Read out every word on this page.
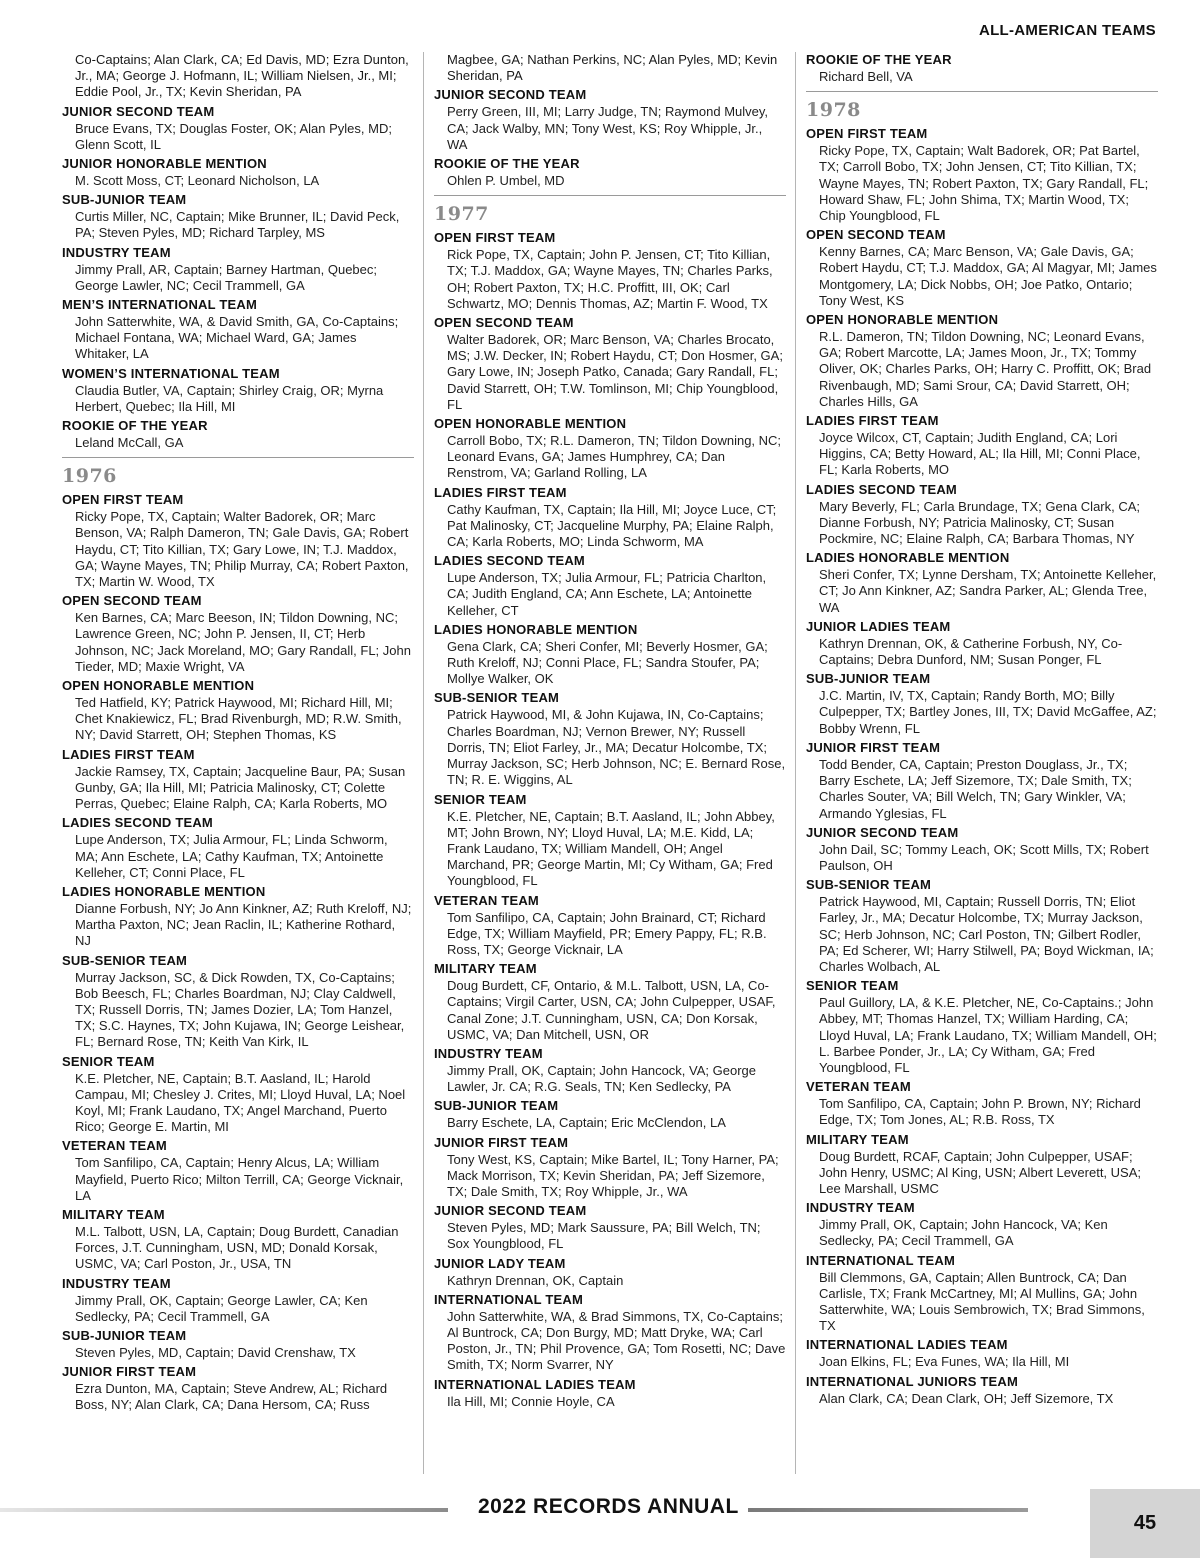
ALL-AMERICAN TEAMS
Co-Captains; Alan Clark, CA; Ed Davis, MD; Ezra Dunton, Jr., MA; George J. Hofmann, IL; William Nielsen, Jr., MI; Eddie Pool, Jr., TX; Kevin Sheridan, PA
JUNIOR SECOND TEAM
Bruce Evans, TX; Douglas Foster, OK; Alan Pyles, MD; Glenn Scott, IL
JUNIOR HONORABLE MENTION
M. Scott Moss, CT; Leonard Nicholson, LA
SUB-JUNIOR TEAM
Curtis Miller, NC, Captain; Mike Brunner, IL; David Peck, PA; Steven Pyles, MD; Richard Tarpley, MS
INDUSTRY TEAM
Jimmy Prall, AR, Captain; Barney Hartman, Quebec; George Lawler, NC; Cecil Trammell, GA
MEN’S INTERNATIONAL TEAM
John Satterwhite, WA, & David Smith, GA, Co-Captains; Michael Fontana, WA; Michael Ward, GA; James Whitaker, LA
WOMEN’S INTERNATIONAL TEAM
Claudia Butler, VA, Captain; Shirley Craig, OR; Myrna Herbert, Quebec; Ila Hill, MI
ROOKIE OF THE YEAR
Leland McCall, GA
1976
OPEN FIRST TEAM
Ricky Pope, TX, Captain; Walter Badorek, OR; Marc Benson, VA; Ralph Dameron, TN; Gale Davis, GA; Robert Haydu, CT; Tito Killian, TX; Gary Lowe, IN; T.J. Maddox, GA; Wayne Mayes, TN; Philip Murray, CA; Robert Paxton, TX; Martin W. Wood, TX
OPEN SECOND TEAM
Ken Barnes, CA; Marc Beeson, IN; Tildon Downing, NC; Lawrence Green, NC; John P. Jensen, II, CT; Herb Johnson, NC; Jack Moreland, MO; Gary Randall, FL; John Tieder, MD; Maxie Wright, VA
OPEN HONORABLE MENTION
Ted Hatfield, KY; Patrick Haywood, MI; Richard Hill, MI; Chet Knakiewicz, FL; Brad Rivenburgh, MD; R.W. Smith, NY; David Starrett, OH; Stephen Thomas, KS
LADIES FIRST TEAM
Jackie Ramsey, TX, Captain; Jacqueline Baur, PA; Susan Gunby, GA; Ila Hill, MI; Patricia Malinosky, CT; Colette Perras, Quebec; Elaine Ralph, CA; Karla Roberts, MO
LADIES SECOND TEAM
Lupe Anderson, TX; Julia Armour, FL; Linda Schworm, MA; Ann Eschete, LA; Cathy Kaufman, TX; Antoinette Kelleher, CT; Conni Place, FL
LADIES HONORABLE MENTION
Dianne Forbush, NY; Jo Ann Kinkner, AZ; Ruth Kreloff, NJ; Martha Paxton, NC; Jean Raclin, IL; Katherine Rothard, NJ
SUB-SENIOR TEAM
Murray Jackson, SC, & Dick Rowden, TX, Co-Captains; Bob Beesch, FL; Charles Boardman, NJ; Clay Caldwell, TX; Russell Dorris, TN; James Dozier, LA; Tom Hanzel, TX; S.C. Haynes, TX; John Kujawa, IN; George Leishear, FL; Bernard Rose, TN; Keith Van Kirk, IL
SENIOR TEAM
K.E. Pletcher, NE, Captain; B.T. Aasland, IL; Harold Campau, MI; Chesley J. Crites, MI; Lloyd Huval, LA; Noel Koyl, MI; Frank Laudano, TX; Angel Marchand, Puerto Rico; George E. Martin, MI
VETERAN TEAM
Tom Sanfilipo, CA, Captain; Henry Alcus, LA; William Mayfield, Puerto Rico; Milton Terrill, CA; George Vicknair, LA
MILITARY TEAM
M.L. Talbott, USN, LA, Captain; Doug Burdett, Canadian Forces, J.T. Cunningham, USN, MD; Donald Korsak, USMC, VA; Carl Poston, Jr., USA, TN
INDUSTRY TEAM
Jimmy Prall, OK, Captain; George Lawler, CA; Ken Sedlecky, PA; Cecil Trammell, GA
SUB-JUNIOR TEAM
Steven Pyles, MD, Captain; David Crenshaw, TX
JUNIOR FIRST TEAM
Ezra Dunton, MA, Captain; Steve Andrew, AL; Richard Boss, NY; Alan Clark, CA; Dana Hersom, CA; Russ
Magbee, GA; Nathan Perkins, NC; Alan Pyles, MD; Kevin Sheridan, PA
JUNIOR SECOND TEAM
Perry Green, III, MI; Larry Judge, TN; Raymond Mulvey, CA; Jack Walby, MN; Tony West, KS; Roy Whipple, Jr., WA
ROOKIE OF THE YEAR
Ohlen P. Umbel, MD
1977
OPEN FIRST TEAM
Rick Pope, TX, Captain; John P. Jensen, CT; Tito Killian, TX; T.J. Maddox, GA; Wayne Mayes, TN; Charles Parks, OH; Robert Paxton, TX; H.C. Proffitt, III, OK; Carl Schwartz, MO; Dennis Thomas, AZ; Martin F. Wood, TX
OPEN SECOND TEAM
Walter Badorek, OR; Marc Benson, VA; Charles Brocato, MS; J.W. Decker, IN; Robert Haydu, CT; Don Hosmer, GA; Gary Lowe, IN; Joseph Patko, Canada; Gary Randall, FL; David Starrett, OH; T.W. Tomlinson, MI; Chip Youngblood, FL
OPEN HONORABLE MENTION
Carroll Bobo, TX; R.L. Dameron, TN; Tildon Downing, NC; Leonard Evans, GA; James Humphrey, CA; Dan Renstrom, VA; Garland Rolling, LA
LADIES FIRST TEAM
Cathy Kaufman, TX, Captain; Ila Hill, MI; Joyce Luce, CT; Pat Malinosky, CT; Jacqueline Murphy, PA; Elaine Ralph, CA; Karla Roberts, MO; Linda Schworm, MA
LADIES SECOND TEAM
Lupe Anderson, TX; Julia Armour, FL; Patricia Charlton, CA; Judith England, CA; Ann Eschete, LA; Antoinette Kelleher, CT
LADIES HONORABLE MENTION
Gena Clark, CA; Sheri Confer, MI; Beverly Hosmer, GA; Ruth Kreloff, NJ; Conni Place, FL; Sandra Stoufer, PA; Mollye Walker, OK
SUB-SENIOR TEAM
Patrick Haywood, MI, & John Kujawa, IN, Co-Captains; Charles Boardman, NJ; Vernon Brewer, NY; Russell Dorris, TN; Eliot Farley, Jr., MA; Decatur Holcombe, TX; Murray Jackson, SC; Herb Johnson, NC; E. Bernard Rose, TN; R. E. Wiggins, AL
SENIOR TEAM
K.E. Pletcher, NE, Captain; B.T. Aasland, IL; John Abbey, MT; John Brown, NY; Lloyd Huval, LA; M.E. Kidd, LA; Frank Laudano, TX; William Mandell, OH; Angel Marchand, PR; George Martin, MI; Cy Witham, GA; Fred Youngblood, FL
VETERAN TEAM
Tom Sanfilipo, CA, Captain; John Brainard, CT; Richard Edge, TX; William Mayfield, PR; Emery Pappy, FL; R.B. Ross, TX; George Vicknair, LA
MILITARY TEAM
Doug Burdett, CF, Ontario, & M.L. Talbott, USN, LA, Co-Captains; Virgil Carter, USN, CA; John Culpepper, USAF, Canal Zone; J.T. Cunningham, USN, CA; Don Korsak, USMC, VA; Dan Mitchell, USN, OR
INDUSTRY TEAM
Jimmy Prall, OK, Captain; John Hancock, VA; George Lawler, Jr. CA; R.G. Seals, TN; Ken Sedlecky, PA
SUB-JUNIOR TEAM
Barry Eschete, LA, Captain; Eric McClendon, LA
JUNIOR FIRST TEAM
Tony West, KS, Captain; Mike Bartel, IL; Tony Harner, PA; Mack Morrison, TX; Kevin Sheridan, PA; Jeff Sizemore, TX; Dale Smith, TX; Roy Whipple, Jr., WA
JUNIOR SECOND TEAM
Steven Pyles, MD; Mark Saussure, PA; Bill Welch, TN; Sox Youngblood, FL
JUNIOR LADY TEAM
Kathryn Drennan, OK, Captain
INTERNATIONAL TEAM
John Satterwhite, WA, & Brad Simmons, TX, Co-Captains; Al Buntrock, CA; Don Burgy, MD; Matt Dryke, WA; Carl Poston, Jr., TN; Phil Provence, GA; Tom Rosetti, NC; Dave Smith, TX; Norm Svarrer, NY
INTERNATIONAL LADIES TEAM
Ila Hill, MI; Connie Hoyle, CA
ROOKIE OF THE YEAR
Richard Bell, VA
1978
OPEN FIRST TEAM
Ricky Pope, TX, Captain; Walt Badorek, OR; Pat Bartel, TX; Carroll Bobo, TX; John Jensen, CT; Tito Killian, TX; Wayne Mayes, TN; Robert Paxton, TX; Gary Randall, FL; Howard Shaw, FL; John Shima, TX; Martin Wood, TX; Chip Youngblood, FL
OPEN SECOND TEAM
Kenny Barnes, CA; Marc Benson, VA; Gale Davis, GA; Robert Haydu, CT; T.J. Maddox, GA; Al Magyar, MI; James Montgomery, LA; Dick Nobbs, OH; Joe Patko, Ontario; Tony West, KS
OPEN HONORABLE MENTION
R.L. Dameron, TN; Tildon Downing, NC; Leonard Evans, GA; Robert Marcotte, LA; James Moon, Jr., TX; Tommy Oliver, OK; Charles Parks, OH; Harry C. Proffitt, OK; Brad Rivenbaugh, MD; Sami Srour, CA; David Starrett, OH; Charles Hills, GA
LADIES FIRST TEAM
Joyce Wilcox, CT, Captain; Judith England, CA; Lori Higgins, CA; Betty Howard, AL; Ila Hill, MI; Conni Place, FL; Karla Roberts, MO
LADIES SECOND TEAM
Mary Beverly, FL; Carla Brundage, TX; Gena Clark, CA; Dianne Forbush, NY; Patricia Malinosky, CT; Susan Pockmire, NC; Elaine Ralph, CA; Barbara Thomas, NY
LADIES HONORABLE MENTION
Sheri Confer, TX; Lynne Dersham, TX; Antoinette Kelleher, CT; Jo Ann Kinkner, AZ; Sandra Parker, AL; Glenda Tree, WA
JUNIOR LADIES TEAM
Kathryn Drennan, OK, & Catherine Forbush, NY, Co-Captains; Debra Dunford, NM; Susan Ponger, FL
SUB-JUNIOR TEAM
J.C. Martin, IV, TX, Captain; Randy Borth, MO; Billy Culpepper, TX; Bartley Jones, III, TX; David McGaffee, AZ; Bobby Wrenn, FL
JUNIOR FIRST TEAM
Todd Bender, CA, Captain; Preston Douglass, Jr., TX; Barry Eschete, LA; Jeff Sizemore, TX; Dale Smith, TX; Charles Souter, VA; Bill Welch, TN; Gary Winkler, VA; Armando Yglesias, FL
JUNIOR SECOND TEAM
John Dail, SC; Tommy Leach, OK; Scott Mills, TX; Robert Paulson, OH
SUB-SENIOR TEAM
Patrick Haywood, MI, Captain; Russell Dorris, TN; Eliot Farley, Jr., MA; Decatur Holcombe, TX; Murray Jackson, SC; Herb Johnson, NC; Carl Poston, TN; Gilbert Rodler, PA; Ed Scherer, WI; Harry Stilwell, PA; Boyd Wickman, IA; Charles Wolbach, AL
SENIOR TEAM
Paul Guillory, LA, & K.E. Pletcher, NE, Co-Captains.; John Abbey, MT; Thomas Hanzel, TX; William Harding, CA; Lloyd Huval, LA; Frank Laudano, TX; William Mandell, OH; L. Barbee Ponder, Jr., LA; Cy Witham, GA; Fred Youngblood, FL
VETERAN TEAM
Tom Sanfilipo, CA, Captain; John P. Brown, NY; Richard Edge, TX; Tom Jones, AL; R.B. Ross, TX
MILITARY TEAM
Doug Burdett, RCAF, Captain; John Culpepper, USAF; John Henry, USMC; Al King, USN; Albert Leverett, USA; Lee Marshall, USMC
INDUSTRY TEAM
Jimmy Prall, OK, Captain; John Hancock, VA; Ken Sedlecky, PA; Cecil Trammell, GA
INTERNATIONAL TEAM
Bill Clemmons, GA, Captain; Allen Buntrock, CA; Dan Carlisle, TX; Frank McCartney, MI; Al Mullins, GA; John Satterwhite, WA; Louis Sembrowich, TX; Brad Simmons, TX
INTERNATIONAL LADIES TEAM
Joan Elkins, FL; Eva Funes, WA; Ila Hill, MI
INTERNATIONAL JUNIORS TEAM
Alan Clark, CA; Dean Clark, OH; Jeff Sizemore, TX
2022 RECORDS ANNUAL
45
